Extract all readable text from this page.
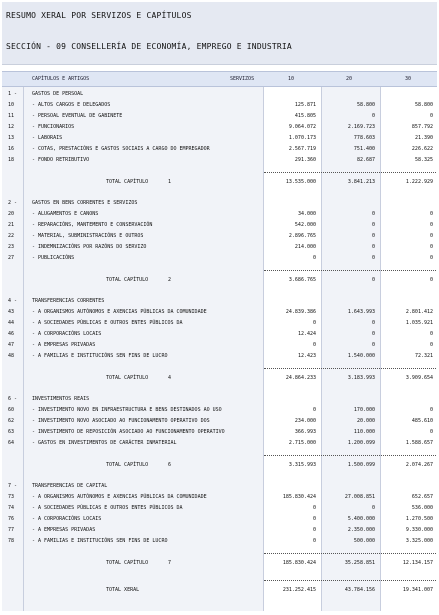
RESUMO XERAL POR SERVIZOS E CAPÍTULOS
SECCIÓN - 09 CONSELLERÍA DE ECONOMÍA, EMPREGO E INDUSTRIA
CAPÍTULOS E ARTIGOS	SERVIZOS	10	20	30
1 -	GASTOS DE PERSOAL
10	- ALTOS CARGOS E DELEGADOS	125.871	58.800	58.800
11	- PERSOAL EVENTUAL DE GABINETE	415.805	0	0
12	- FUNCIONARIOS	9.064.072	2.169.723	857.792
13	- LABORAIS	1.070.173	778.603	21.390
16	- COTAS, PRESTACIÓNS E GASTOS SOCIAIS A CARGO DO EMPREGADOR	2.567.719	751.400	226.622
18	- FONDO RETRIBUTIVO	291.360	82.687	58.325
TOTAL CAPÍTULO	1	13.535.000	3.841.213	1.222.929
2 -	GASTOS EN BENS CORRENTES E SERVIZOS
20	- ALUGAMENTOS E CANONS	34.000	0	0
21	- REPARACIÓNS, MANTEMENTO E CONSERVACIÓN	542.000	0	0
22	- MATERIAL, SUBMINISTRACIÓNS E OUTROS	2.896.765	0	0
23	- INDEMNIZACIÓNS POR RAZÓNS DO SERVIZO	214.000	0	0
27	- PUBLICACIÓNS	0	0	0
TOTAL CAPÍTULO	2	3.686.765	0	0
4 -	TRANSFERENCIAS CORRENTES
43	- A ORGANISMOS AUTÓNOMOS E AXENCIAS PÚBLICAS DA COMUNIDADE	24.839.386	1.643.993	2.801.412
44	- A SOCIEDADES PÚBLICAS E OUTROS ENTES PÚBLICOS DA	0	0	1.035.921
46	- A CORPORACIÓNS LOCAIS	12.424	0	0
47	- A EMPRESAS PRIVADAS	0	0	0
48	- A FAMILIAS E INSTITUCIÓNS SEN FINS DE LUCRO	12.423	1.540.000	72.321
TOTAL CAPÍTULO	4	24.864.233	3.183.993	3.909.654
6 -	INVESTIMENTOS REAIS
60	- INVESTIMENTO NOVO EN INFRAESTRUCTURA E BENS DESTINADOS AO USO	0	170.000	0
62	- INVESTIMENTO NOVO ASOCIADO AO FUNCIONAMENTO OPERATIVO DOS	234.000	20.000	485.610
63	- INVESTIMENTO DE REPOSICIÓN ASOCIADO AO FUNCIONAMENTO OPERATIVO	366.993	110.000	0
64	- GASTOS EN INVESTIMENTOS DE CARÁCTER INMATERIAL	2.715.000	1.200.099	1.588.657
TOTAL CAPÍTULO	6	3.315.993	1.500.099	2.074.267
7 -	TRANSFERENCIAS DE CAPITAL
73	- A ORGANISMOS AUTÓNOMOS E AXENCIAS PÚBLICAS DA COMUNIDADE	185.830.424	27.008.851	652.657
74	- A SOCIEDADES PÚBLICAS E OUTROS ENTES PÚBLICOS DA	0	0	536.000
76	- A CORPORACIÓNS LOCAIS	0	5.400.000	1.270.500
77	- A EMPRESAS PRIVADAS	0	2.350.000	9.330.000
78	- A FAMILIAS E INSTITUCIÓNS SEN FINS DE LUCRO	0	500.000	3.325.000
TOTAL CAPÍTULO	7	185.830.424	35.258.851	12.134.157
TOTAL XERAL	231.252.415	43.784.156	19.341.007
